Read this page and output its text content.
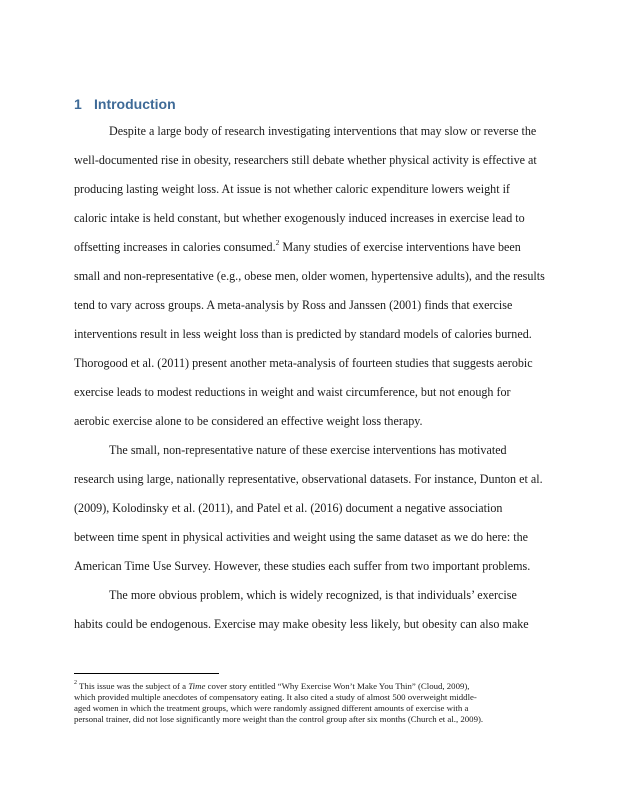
1 Introduction
Despite a large body of research investigating interventions that may slow or reverse the
well-documented rise in obesity, researchers still debate whether physical activity is effective at
producing lasting weight loss. At issue is not whether caloric expenditure lowers weight if
caloric intake is held constant, but whether exogenously induced increases in exercise lead to
offsetting increases in calories consumed.$^2$ Many studies of exercise interventions have been
small and non-representative (e.g., obese men, older women, hypertensive adults), and the results
tend to vary across groups. A meta-analysis by Ross and Janssen (2001) finds that exercise
interventions result in less weight loss than is predicted by standard models of calories burned.
Thorogood et al. (2011) present another meta-analysis of fourteen studies that suggests aerobic
exercise leads to modest reductions in weight and waist circumference, but not enough for
aerobic exercise alone to be considered an effective weight loss therapy.
The small, non-representative nature of these exercise interventions has motivated
research using large, nationally representative, observational datasets. For instance, Dunton et al.
(2009), Kolodinsky et al. (2011), and Patel et al. (2016) document a negative association
between time spent in physical activities and weight using the same dataset as we do here: the
American Time Use Survey. However, these studies each suffer from two important problems.
The more obvious problem, which is widely recognized, is that individuals’ exercise
habits could be endogenous. Exercise may make obesity less likely, but obesity can also make
$^2$ This issue was the subject of a Time cover story entitled “Why Exercise Won’t Make You Thin” (Cloud, 2009),
which provided multiple anecdotes of compensatory eating. It also cited a study of almost 500 overweight middle-
aged women in which the treatment groups, which were randomly assigned different amounts of exercise with a
personal trainer, did not lose significantly more weight than the control group after six months (Church et al., 2009).
